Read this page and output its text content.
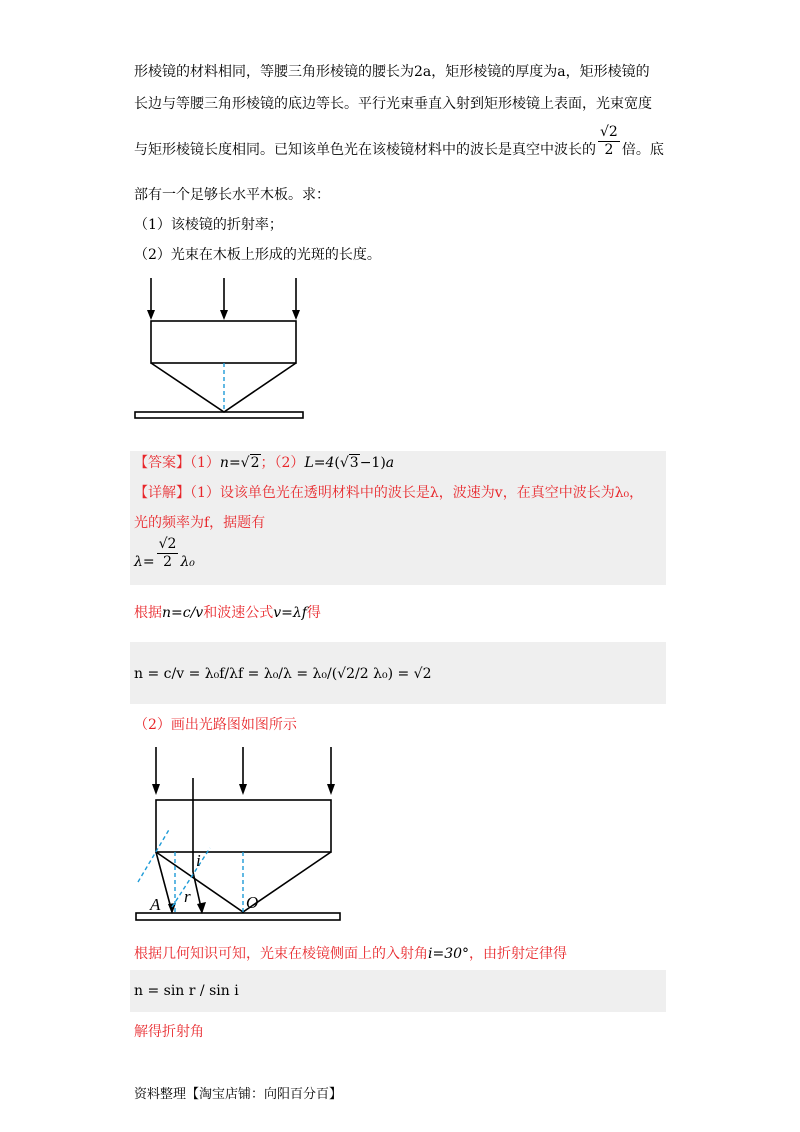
形棱镜的材料相同，等腰三角形棱镜的腰长为2a，矩形棱镜的厚度为a，矩形棱镜的
长边与等腰三角形棱镜的底边等长。平行光束垂直入射到矩形棱镜上表面，光束宽度
与矩形棱镜长度相同。已知该单色光在该棱镜材料中的波长是真空中波长的 $\frac{√2}{2}$ 倍。底
部有一个足够长水平木板。求：
（1）该棱镜的折射率；
（2）光束在木板上形成的光斑的长度。
【答案】（1）n=√2；（2）L=4(√3−1)a
【详解】（1）设该单色光在透明材料中的波长是λ，波速为v，在真空中波长为λ₀，
光的频率为f，据题有
$\lambda= \frac{√2}{2} \lambda_0$
根据n=c/v和波速公式v=λf得
n = c/v = λ₀f/λf = λ₀/λ = λ₀/(√2/2 λ₀) = √2
（2）画出光路图如图所示
A r
i
O
根据几何知识可知，光束在棱镜侧面上的入射角i=30°，由折射定律得
n = sin r / sin i
解得折射角
资料整理【淘宝店铺：向阳百分百】
